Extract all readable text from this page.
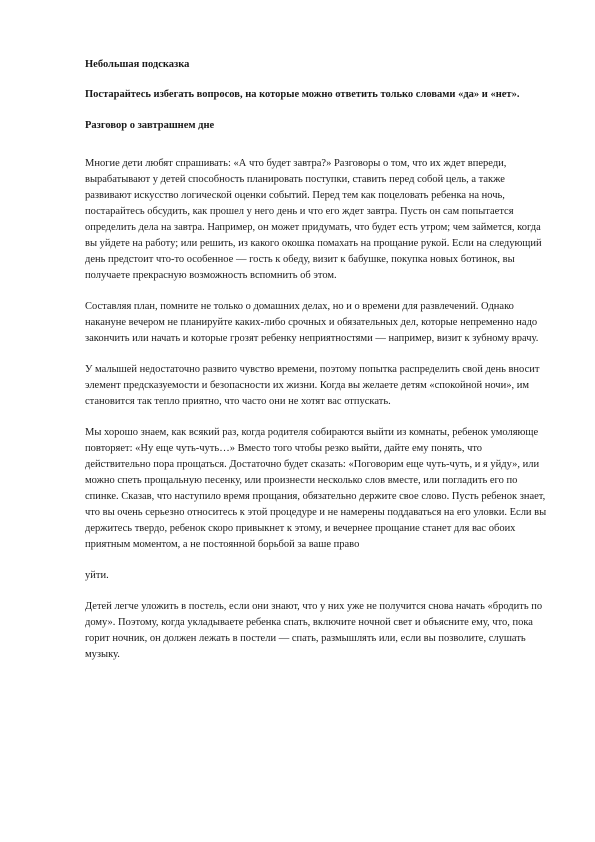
Небольшая подсказка

Постарайтесь избегать вопросов, на которые можно ответить только словами «да» и «нет».

Разговор о завтрашнем дне

Многие дети любят спрашивать: «А что будет завтра?» Разговоры о том, что их ждет впереди, вырабатывают у детей способность планировать поступки, ставить перед собой цель, а также развивают искусство логической оценки событий. Перед тем как поцеловать ребенка на ночь, постарайтесь обсудить, как прошел у него день и что его ждет завтра. Пусть он сам попытается определить дела на завтра. Например, он может придумать, что будет есть утром; чем займется, когда вы уйдете на работу; или решить, из какого окошка помахать на прощание рукой. Если на следующий день предстоит что-то особенное — гость к обеду, визит к бабушке, покупка новых ботинок, вы получаете прекрасную возможность вспомнить об этом.

Составляя план, помните не только о домашних делах, но и о времени для развлечений. Однако накануне вечером не планируйте каких-либо срочных и обязательных дел, которые непременно надо закончить или начать и которые грозят ребенку неприятностями — например, визит к зубному врачу.

У малышей недостаточно развито чувство времени, поэтому попытка распределить свой день вносит элемент предсказуемости и безопасности их жизни. Когда вы желаете детям «спокойной ночи», им становится так тепло приятно, что часто они не хотят вас отпускать.

Мы хорошо знаем, как всякий раз, когда родителя собираются выйти из комнаты, ребенок умоляюще повторяет: «Ну еще чуть-чуть…» Вместо того чтобы резко выйти, дайте ему понять, что действительно пора прощаться. Достаточно будет сказать: «Поговорим еще чуть-чуть, и я уйду», или можно спеть прощальную песенку, или произнести несколько слов вместе, или погладить его по спинке. Сказав, что наступило время прощания, обязательно держите свое слово. Пусть ребенок знает, что вы очень серьезно относитесь к этой процедуре и не намерены поддаваться на его уловки. Если вы держитесь твердо, ребенок скоро привыкнет к этому, и вечернее прощание станет для вас обоих приятным моментом, а не постоянной борьбой за ваше право

уйти.

Детей легче уложить в постель, если они знают, что у них уже не получится снова начать «бродить по дому». Поэтому, когда укладываете ребенка спать, включите ночной свет и объясните ему, что, пока горит ночник, он должен лежать в постели — спать, размышлять или, если вы позволите, слушать музыку.
